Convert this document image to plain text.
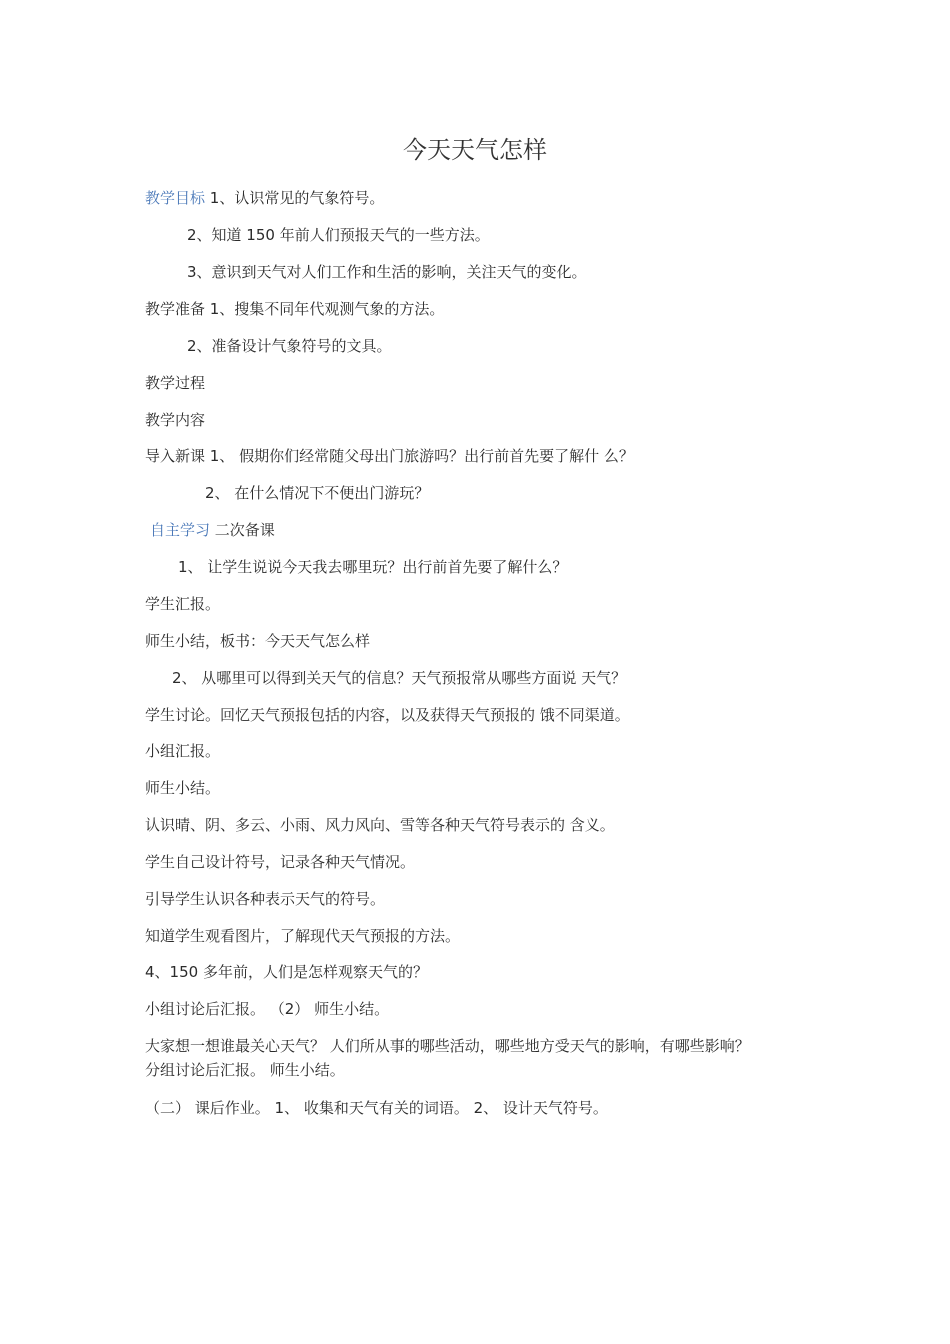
今天天气怎样
教学目标 1、认识常见的气象符号。
2、知道 150 年前人们预报天气的一些方法。
3、意识到天气对人们工作和生活的影响，关注天气的变化。
教学准备 1、搜集不同年代观测气象的方法。
2、准备设计气象符号的文具。
教学过程
教学内容
导入新课 1、 假期你们经常随父母出门旅游吗？出行前首先要了解什 么？
2、 在什么情况下不便出门游玩？
自主学习 二次备课
1、 让学生说说今天我去哪里玩？出行前首先要了解什么？
学生汇报。
师生小结，板书：今天天气怎么样
2、 从哪里可以得到关天气的信息？天气预报常从哪些方面说 天气？
学生讨论。回忆天气预报包括的内容，以及获得天气预报的 饿不同渠道。
小组汇报。
师生小结。
认识晴、阴、多云、小雨、风力风向、雪等各种天气符号表示的 含义。
学生自己设计符号，记录各种天气情况。
引导学生认识各种表示天气的符号。
知道学生观看图片，了解现代天气预报的方法。
4、150 多年前，人们是怎样观察天气的？
小组讨论后汇报。 （2） 师生小结。
大家想一想谁最关心天气？ 人们所从事的哪些活动，哪些地方受天气的影响，有哪些影响？
分组讨论后汇报。 师生小结。
（二） 课后作业。 1、 收集和天气有关的词语。 2、 设计天气符号。
